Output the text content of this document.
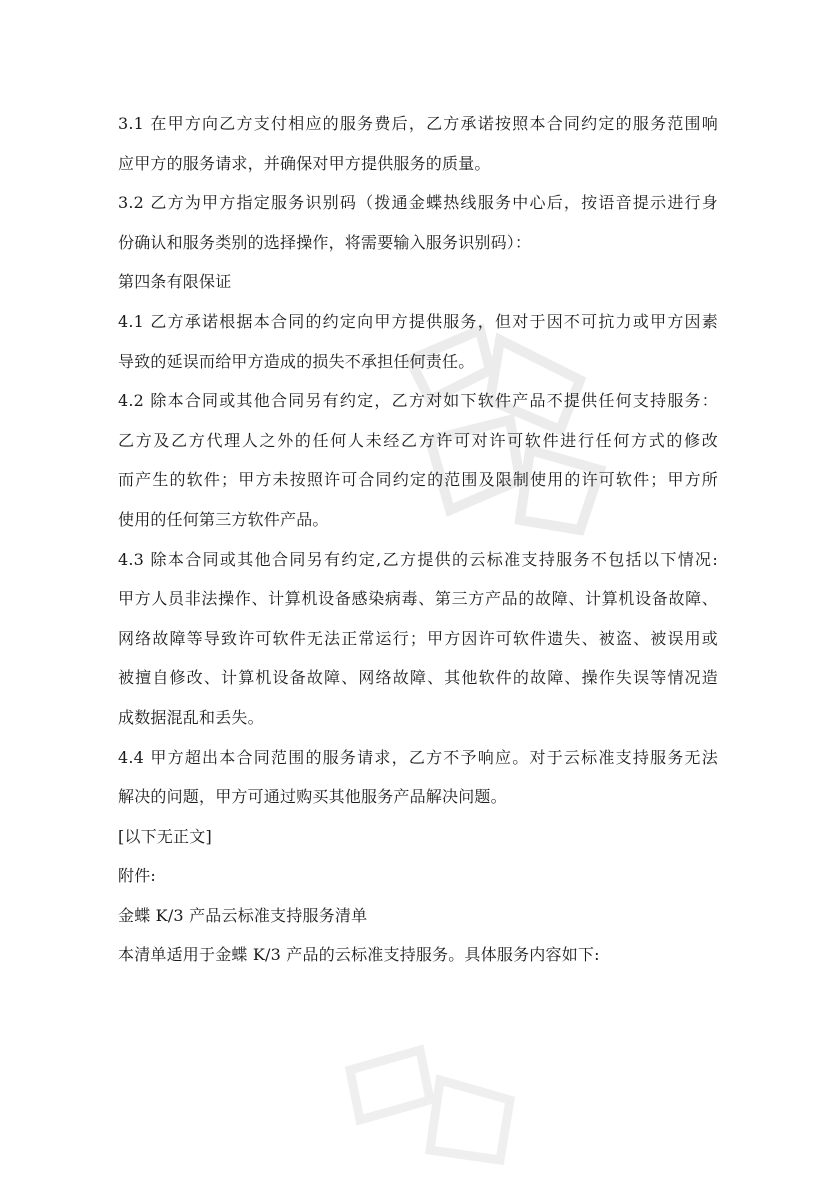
3.1 在甲方向乙方支付相应的服务费后，乙方承诺按照本合同约定的服务范围响
应甲方的服务请求，并确保对甲方提供服务的质量。
3.2 乙方为甲方指定服务识别码（拨通金蝶热线服务中心后，按语音提示进行身
份确认和服务类别的选择操作，将需要输入服务识别码）：
第四条有限保证
4.1 乙方承诺根据本合同的约定向甲方提供服务，但对于因不可抗力或甲方因素
导致的延误而给甲方造成的损失不承担任何责任。
4.2 除本合同或其他合同另有约定，乙方对如下软件产品不提供任何支持服务：
乙方及乙方代理人之外的任何人未经乙方许可对许可软件进行任何方式的修改
而产生的软件；甲方未按照许可合同约定的范围及限制使用的许可软件；甲方所
使用的任何第三方软件产品。
4.3 除本合同或其他合同另有约定,乙方提供的云标准支持服务不包括以下情况:
甲方人员非法操作、计算机设备感染病毒、第三方产品的故障、计算机设备故障、
网络故障等导致许可软件无法正常运行；甲方因许可软件遗失、被盗、被误用或
被擅自修改、计算机设备故障、网络故障、其他软件的故障、操作失误等情况造
成数据混乱和丢失。
4.4 甲方超出本合同范围的服务请求，乙方不予响应。对于云标准支持服务无法
解决的问题，甲方可通过购买其他服务产品解决问题。
[以下无正文]
附件:
金蝶 K/3 产品云标准支持服务清单
本清单适用于金蝶 K/3 产品的云标准支持服务。具体服务内容如下:
